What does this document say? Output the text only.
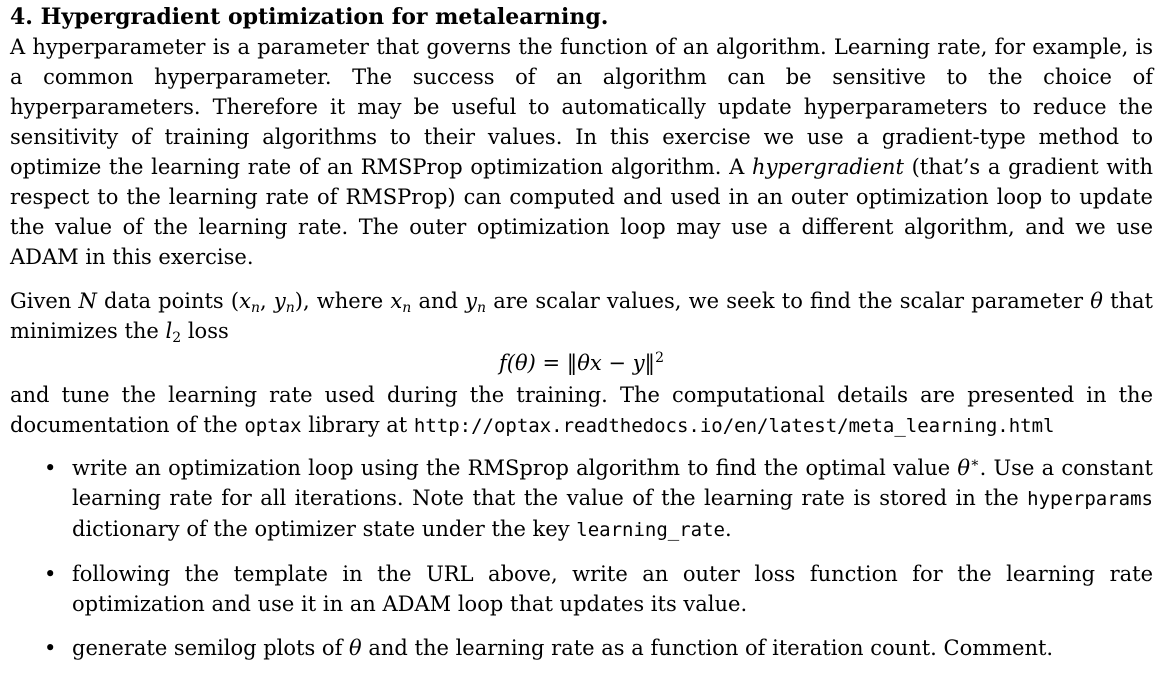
4. Hypergradient optimization for metalearning.

A hyperparameter is a parameter that governs the function of an algorithm. Learning rate, for example, is a common hyperparameter. The success of an algorithm can be sensitive to the choice of hyperparameters. Therefore it may be useful to automatically update hyperparameters to reduce the sensitivity of training algorithms to their values. In this exercise we use a gradient-type method to optimize the learning rate of an RMSProp optimization algorithm. A hypergradient (that’s a gradient with respect to the learning rate of RMSProp) can computed and used in an outer optimization loop to update the value of the learning rate. The outer optimization loop may use a different algorithm, and we use ADAM in this exercise.

Given N data points ($x_n$, $y_n$), where $x_n$ and $y_n$ are scalar values, we seek to find the scalar parameter θ that minimizes the $l_2$ loss

f(θ) = ‖θx − y‖$^2$

and tune the learning rate used during the training. The computational details are presented in the documentation of the optax library at http://optax.readthedocs.io/en/latest/meta_learning.html

• write an optimization loop using the RMSprop algorithm to find the optimal value θ∗. Use a constant learning rate for all iterations. Note that the value of the learning rate is stored in the hyperparams dictionary of the optimizer state under the key learning_rate.
• following the template in the URL above, write an outer loss function for the learning rate optimization and use it in an ADAM loop that updates its value.
• generate semilog plots of θ and the learning rate as a function of iteration count. Comment.
